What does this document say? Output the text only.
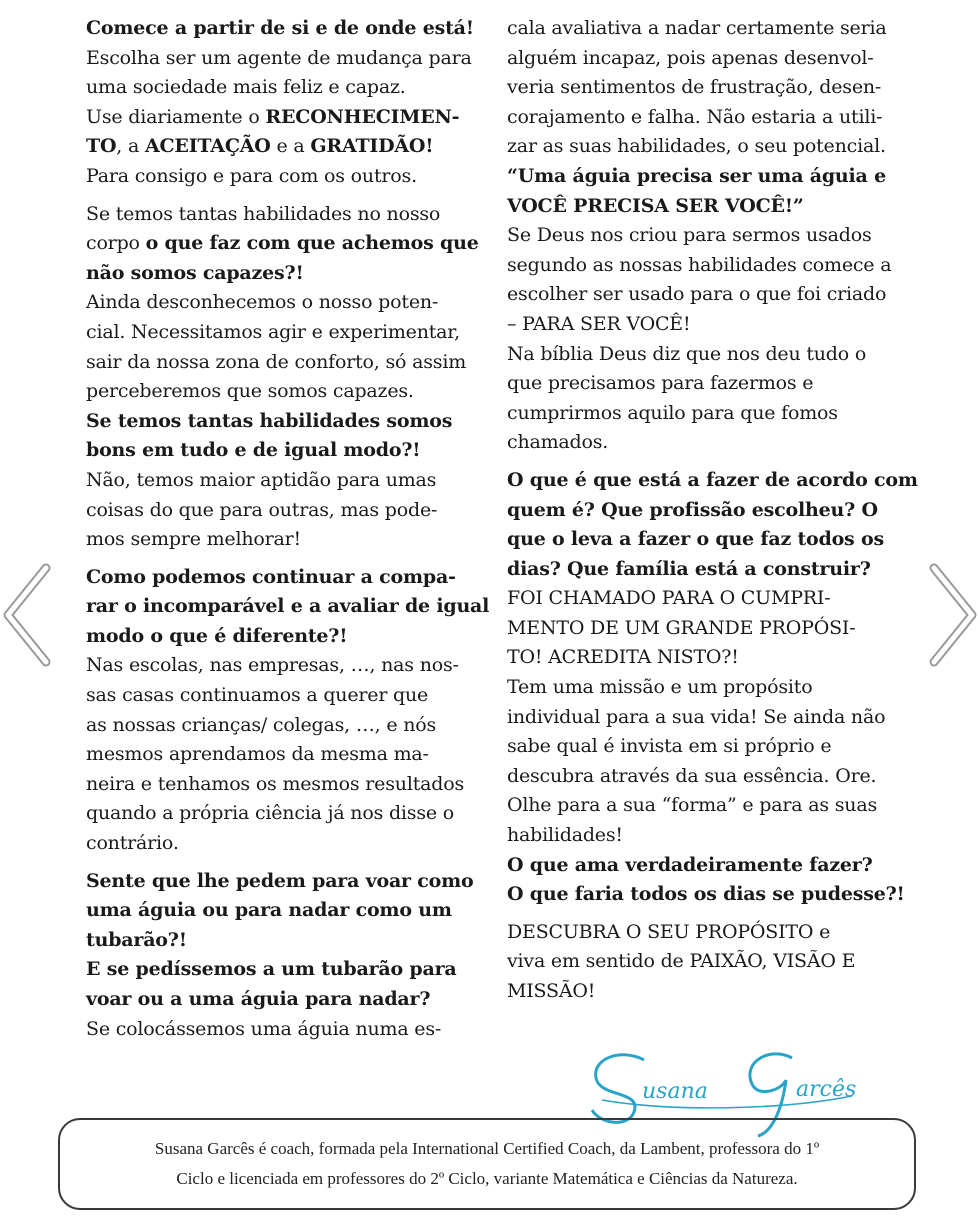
Comece a partir de si e de onde está!

Escolha ser um agente de mudança para
uma sociedade mais feliz e capaz.

Use diariamente o RECONHECIMEN-
TO, a ACEITAÇÃO e a GRATIDÃO!

Para consigo e para com os outros.

Se temos tantas habilidades no nosso
corpo o que faz com que achemos que
não somos capazes?!

Ainda desconhecemos o nosso poten-
cial. Necessitamos agir e experimentar,
sair da nossa zona de conforto, só assim
perceberemos que somos capazes.

Se temos tantas habilidades somos
bons em tudo e de igual modo?!

Não, temos maior aptidão para umas
coisas do que para outras, mas pode-
mos sempre melhorar!

Como podemos continuar a compa-
rar o incomparável e a avaliar de igual
modo o que é diferente?!

Nas escolas, nas empresas, …, nas nos-
sas casas continuamos a querer que
as nossas crianças/ colegas, …, e nós
mesmos aprendamos da mesma ma-
neira e tenhamos os mesmos resultados
quando a própria ciência já nos disse o
contrário.

Sente que lhe pedem para voar como
uma águia ou para nadar como um
tubarão?!

E se pedíssemos a um tubarão para
voar ou a uma águia para nadar?

Se colocássemos uma águia numa es-

cala avaliativa a nadar certamente seria
alguém incapaz, pois apenas desenvol-
veria sentimentos de frustração, desen-
corajamento e falha. Não estaria a utili-
zar as suas habilidades, o seu potencial.

“Uma águia precisa ser uma águia e
VOCÊ PRECISA SER VOCÊ!”

Se Deus nos criou para sermos usados
segundo as nossas habilidades comece a
escolher ser usado para o que foi criado
– PARA SER VOCÊ!

Na bíblia Deus diz que nos deu tudo o
que precisamos para fazermos e
cumprirmos aquilo para que fomos
chamados.

O que é que está a fazer de acordo com
quem é? Que profissão escolheu? O
que o leva a fazer o que faz todos os
dias? Que família está a construir?

FOI CHAMADO PARA O CUMPRI-
MENTO DE UM GRANDE PROPÓSI-
TO! ACREDITA NISTO?!

Tem uma missão e um propósito
individual para a sua vida! Se ainda não
sabe qual é invista em si próprio e
descubra através da sua essência. Ore.
Olhe para a sua “forma” e para as suas
habilidades!

O que ama verdadeiramente fazer?
O que faria todos os dias se pudesse?!

DESCUBRA O SEU PROPÓSITO e
viva em sentido de PAIXÃO, VISÃO E
MISSÃO!

usana	arcês
Susana Garcês é coach, formada pela International Certified Coach, da Lambent, professora do 1º
Ciclo e licenciada em professores do 2º Ciclo, variante Matemática e Ciências da Natureza.
